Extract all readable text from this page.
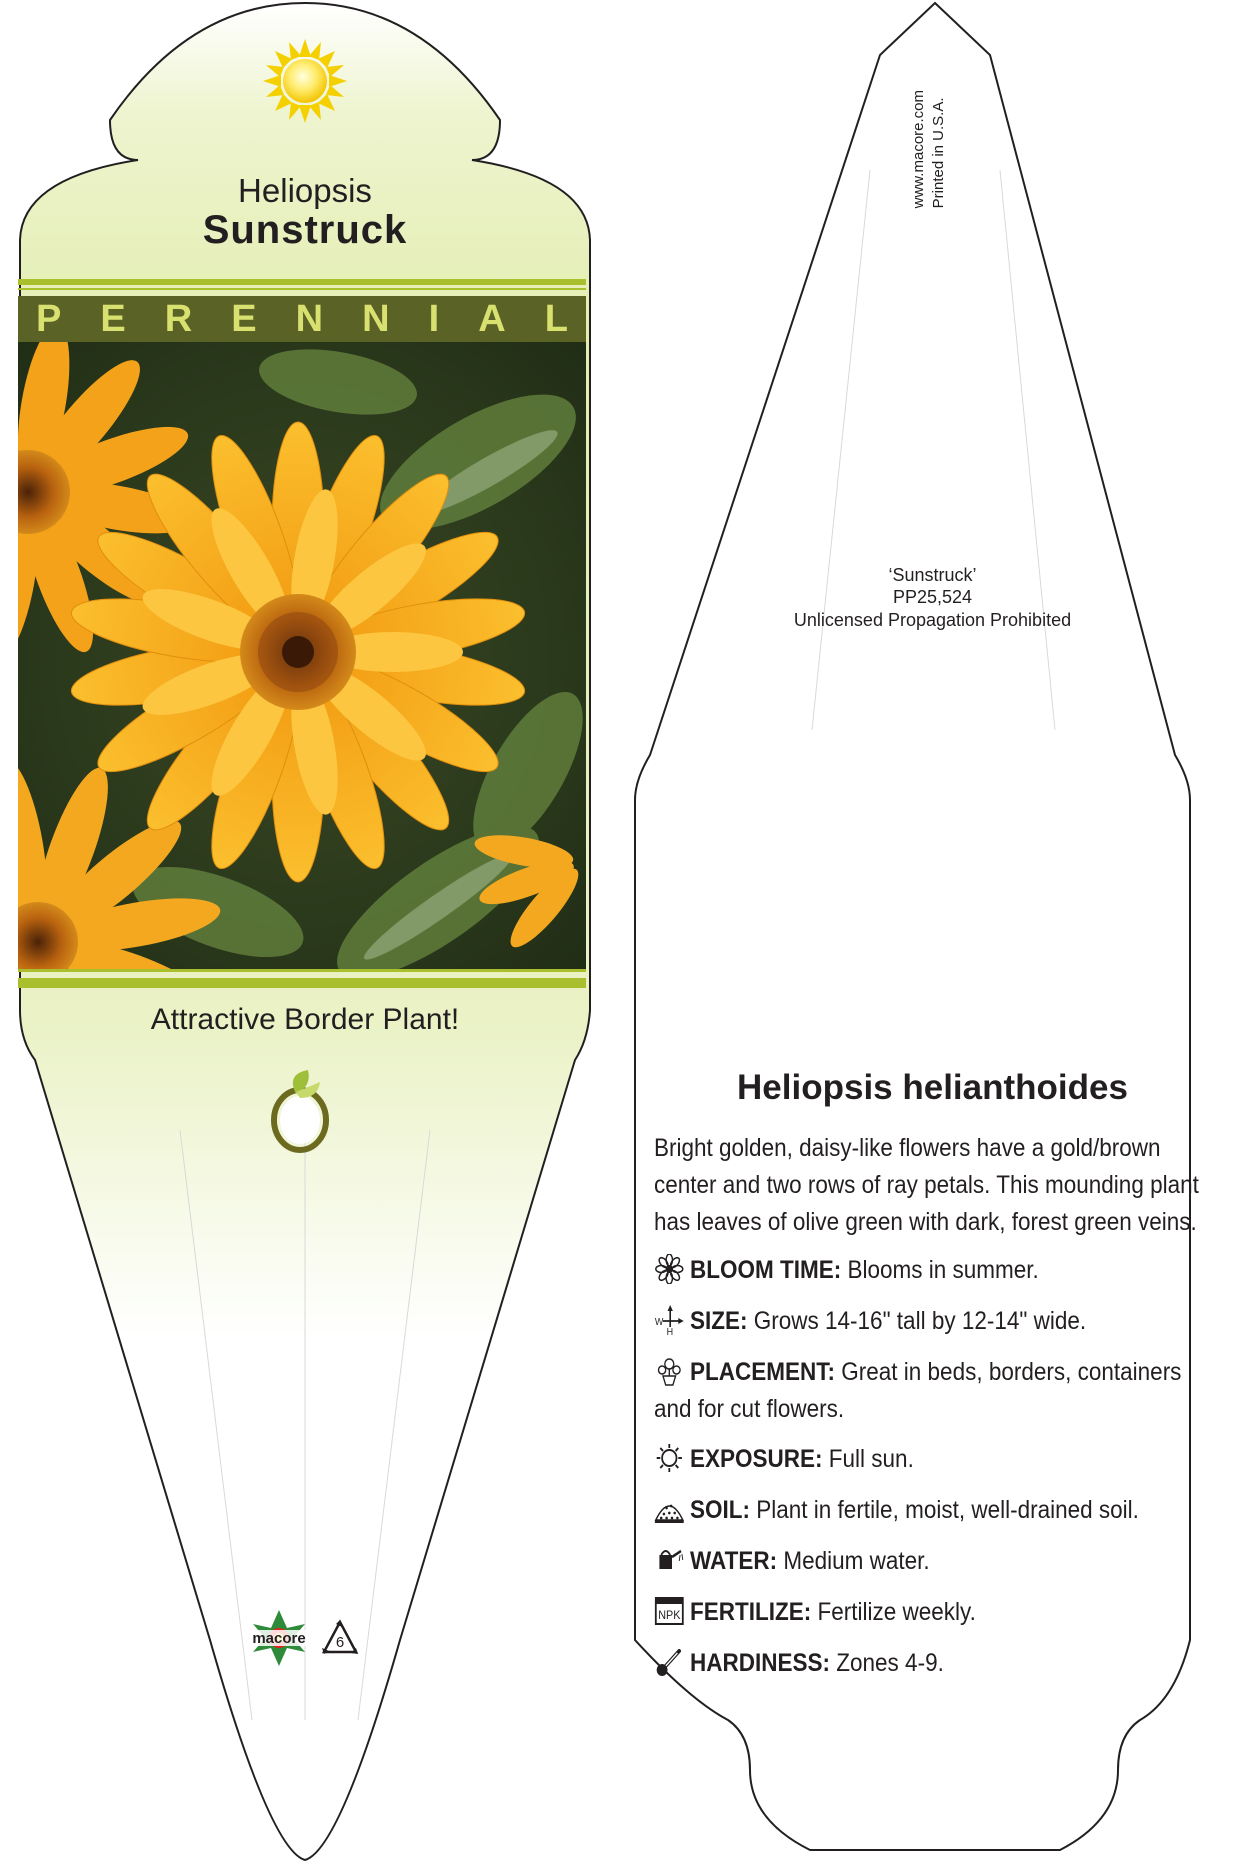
Heliopsis
Sunstruck
P E R E N N I A L
Attractive Border Plant!
macore 6
Printed in U.S.A.
www.macore.com
‘Sunstruck’
PP25,524
Unlicensed Propagation Prohibited
Heliopsis helianthoides
Bright golden, daisy-like flowers have a gold/brown center and two rows of ray petals. This mounding plant has leaves of olive green with dark, forest green veins.
BLOOM TIME: Blooms in summer.
W
H SIZE: Grows 14-16" tall by 12-14" wide.
PLACEMENT: Great in beds, borders, containers and for cut flowers.
EXPOSURE: Full sun.
SOIL: Plant in fertile, moist, well-drained soil.
WATER: Medium water.
NPK FERTILIZE: Fertilize weekly.
HARDINESS: Zones 4-9.
